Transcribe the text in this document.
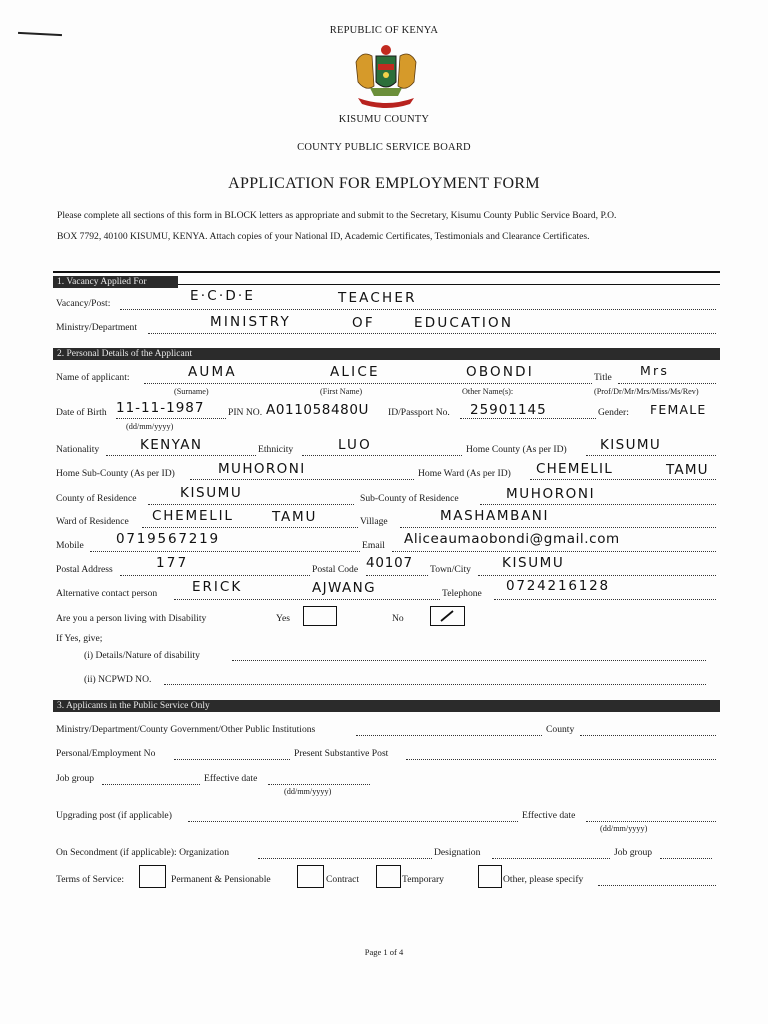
REPUBLIC OF KENYA
KISUMU COUNTY
COUNTY PUBLIC SERVICE BOARD
APPLICATION FOR EMPLOYMENT FORM
Please complete all sections of this form in BLOCK letters as appropriate and submit to the Secretary, Kisumu County Public Service Board, P.O.
BOX 7792, 40100 KISUMU, KENYA. Attach copies of your National ID, Academic Certificates, Testimonials and Clearance Certificates.
1. Vacancy Applied For
Vacancy/Post:	E·C·D·E	TEACHER
Ministry/Department	MINISTRY	OF	EDUCATION
2. Personal Details of the Applicant
Name of applicant:	AUMA	ALICE	OBONDI	Title Mrs
(Surname)	(First Name)	Other Name(s):	(Prof/Dr/Mr/Mrs/Miss/Ms/Rev)
Date of Birth 11-11-1987 PIN NO. A011058480U ID/Passport No. 25901145	Gender: FEMALE
(dd/mm/yyyy)
Nationality	KENYAN	Ethnicity	LUO	Home County (As per ID) KISUMU
Home Sub-County (As per ID)	MUHORONI	Home Ward (As per ID) CHEMELIL	TAMU
County of Residence	KISUMU	Sub-County of Residence	MUHORONI
Ward of Residence CHEMELIL	TAMU	Village	MASHAMBANI
Mobile 0719567219	Email Aliceaumaobondi@gmail.com
Postal Address	177	Postal Code 40107 Town/City KISUMU
Alternative contact person	ERICK	AJWANG	Telephone 0724216128
Are you a person living with Disability	Yes	No
If Yes, give;
(i) Details/Nature of disability
(ii) NCPWD NO.
3. Applicants in the Public Service Only
Ministry/Department/County Government/Other Public Institutions	County
Personal/Employment No	Present Substantive Post
Job group	Effective date
(dd/mm/yyyy)
Upgrading post (if applicable)	Effective date
(dd/mm/yyyy)
On Secondment (if applicable): Organization	Designation	Job group
Terms of Service:	Permanent & Pensionable	Contract	Temporary	Other, please specify
Page 1 of 4
